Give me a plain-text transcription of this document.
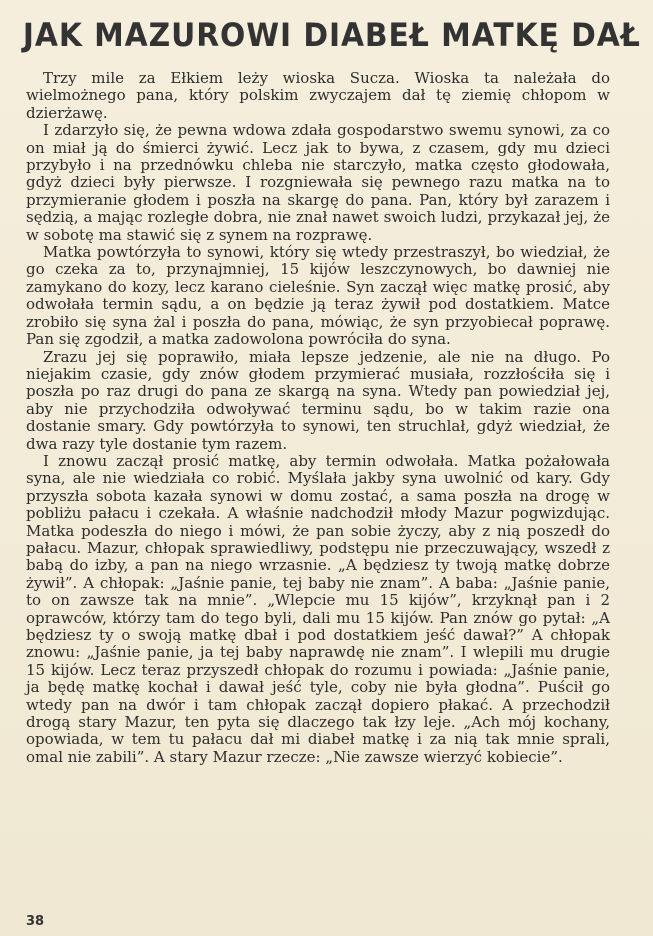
JAK MAZUROWI DIABEŁ MATKĘ DAŁ

Trzy mile za Ełkiem leży wioska Sucza. Wioska ta należała do wielmożnego pana, który polskim zwyczajem dał tę ziemię chłopom w dzierżawę.

I zdarzyło się, że pewna wdowa zdała gospodarstwo swemu synowi, za co on miał ją do śmierci żywić. Lecz jak to bywa, z czasem, gdy mu dzieci przybyło i na przednówku chleba nie starczyło, matka często głodowała, gdyż dzieci były pierwsze. I rozgniewała się pewnego razu matka na to przymieranie głodem i poszła na skargę do pana. Pan, który był zarazem i sędzią, a mając rozległe dobra, nie znał nawet swoich ludzi, przykazał jej, że w sobotę ma stawić się z synem na rozprawę.

Matka powtórzyła to synowi, który się wtedy przestraszył, bo wiedział, że go czeka za to, przynajmniej, 15 kijów leszczynowych, bo dawniej nie zamykano do kozy, lecz karano cieleśnie. Syn zaczął więc matkę prosić, aby odwołała termin sądu, a on będzie ją teraz żywił pod dostatkiem. Matce zrobiło się syna żal i poszła do pana, mówiąc, że syn przyobiecał poprawę. Pan się zgodził, a matka zadowolona powróciła do syna.

Zrazu jej się poprawiło, miała lepsze jedzenie, ale nie na długo. Po niejakim czasie, gdy znów głodem przymierać musiała, rozzłościła się i poszła po raz drugi do pana ze skargą na syna. Wtedy pan powiedział jej, aby nie przychodziła odwoływać terminu sądu, bo w takim razie ona dostanie smary. Gdy powtórzyła to synowi, ten struchlał, gdyż wiedział, że dwa razy tyle dostanie tym razem.

I znowu zaczął prosić matkę, aby termin odwołała. Matka pożałowała syna, ale nie wiedziała co robić. Myślała jakby syna uwolnić od kary. Gdy przyszła sobota kazała synowi w domu zostać, a sama poszła na drogę w pobliżu pałacu i czekała. A właśnie nadchodził młody Mazur pogwizdując. Matka podeszła do niego i mówi, że pan sobie życzy, aby z nią poszedł do pałacu. Mazur, chłopak sprawiedliwy, podstępu nie przeczuwający, wszedł z babą do izby, a pan na niego wrzasnie. „A będziesz ty twoją matkę dobrze żywił”. A chłopak: „Jaśnie panie, tej baby nie znam”. A baba: „Jaśnie panie, to on zawsze tak na mnie”. „Wlepcie mu 15 kijów”, krzyknął pan i 2 oprawców, którzy tam do tego byli, dali mu 15 kijów. Pan znów go pytał: „A będziesz ty o swoją matkę dbał i pod dostatkiem jeść dawał?” A chłopak znowu: „Jaśnie panie, ja tej baby naprawdę nie znam”. I wlepili mu drugie 15 kijów. Lecz teraz przyszedł chłopak do rozumu i powiada: „Jaśnie panie, ja będę matkę kochał i dawał jeść tyle, coby nie była głodna”. Puścił go wtedy pan na dwór i tam chłopak zaczął dopiero płakać. A przechodził drogą stary Mazur, ten pyta się dlaczego tak łzy leje. „Ach mój kochany, opowiada, w tem tu pałacu dał mi diabeł matkę i za nią tak mnie sprali, omal nie zabili”. A stary Mazur rzecze: „Nie zawsze wierzyć kobiecie”.

38
